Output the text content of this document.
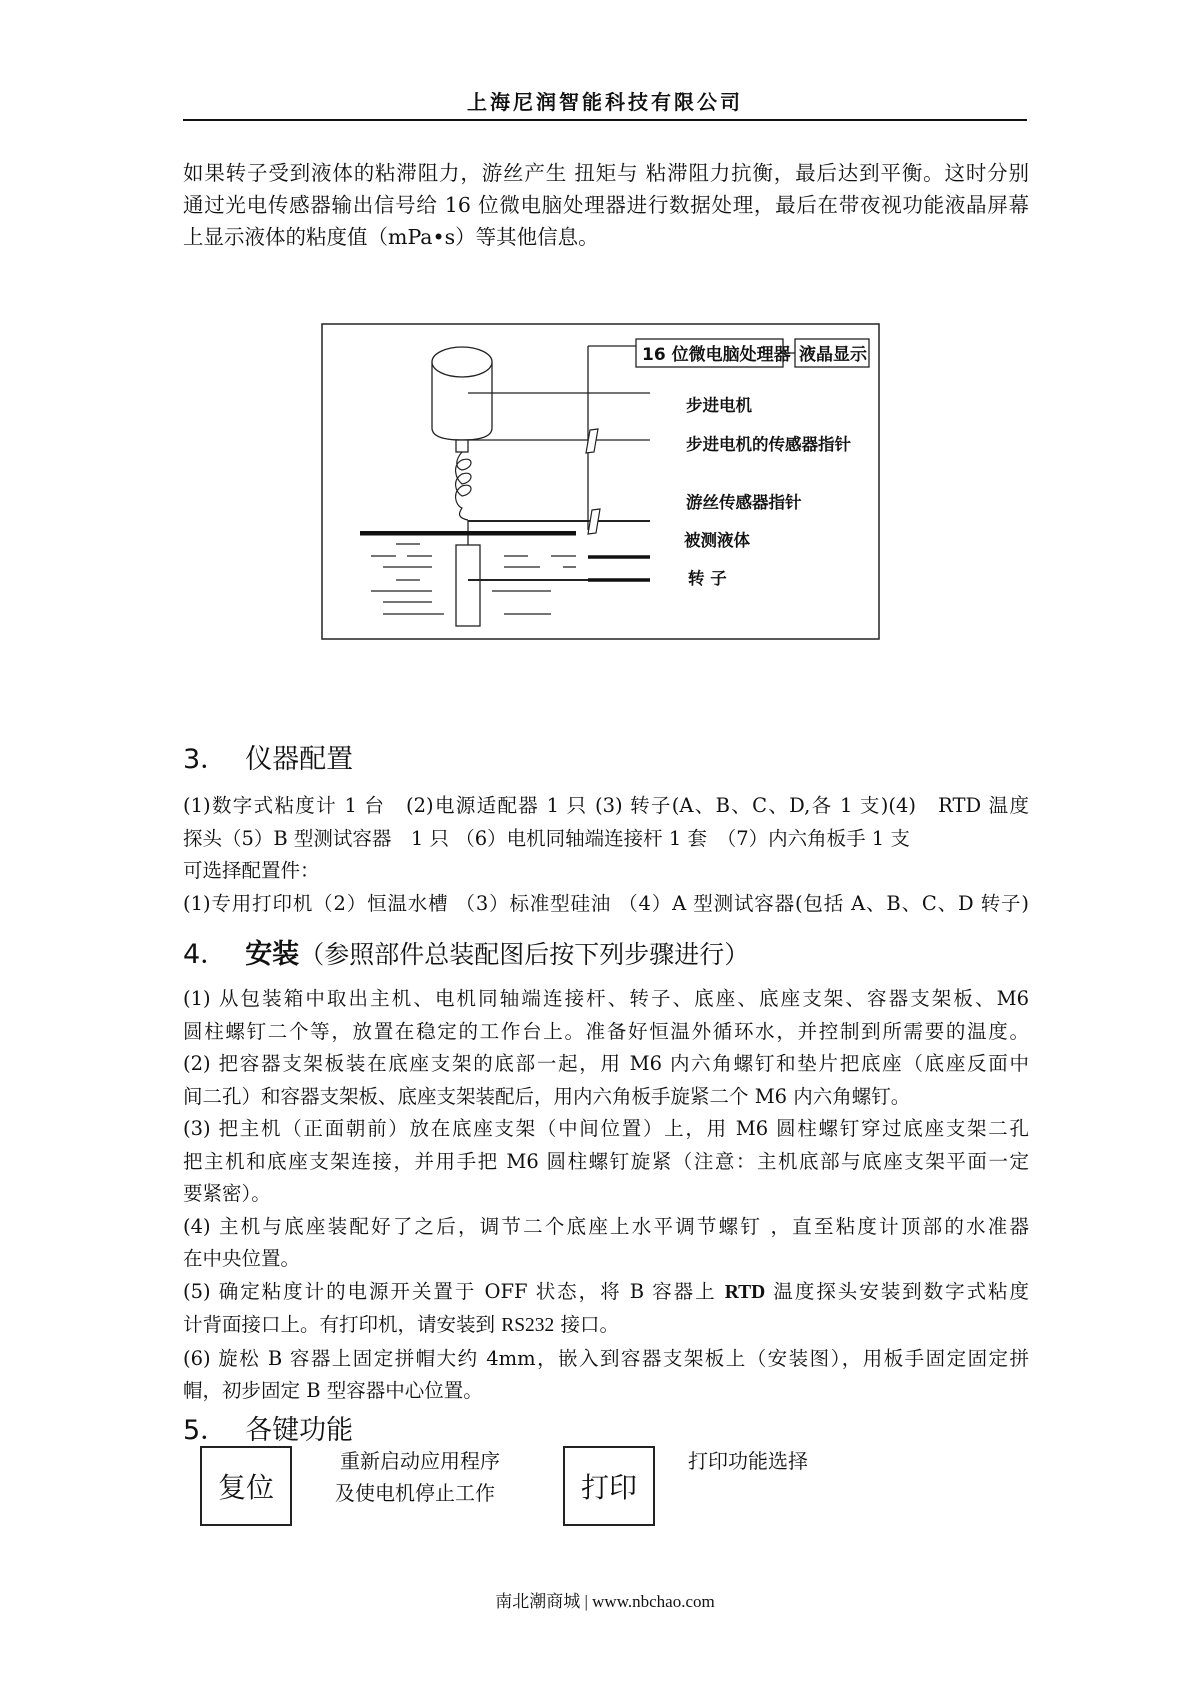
上海尼润智能科技有限公司
如果转子受到液体的粘滞阻力，游丝产生 扭矩与 粘滞阻力抗衡，最后达到平衡。这时分别
通过光电传感器输出信号给 16 位微电脑处理器进行数据处理，最后在带夜视功能液晶屏幕
上显示液体的粘度值（mPa•s）等其他信息。
16 位微电脑处理器 液晶显示
步进电机
步进电机的传感器指针
游丝传感器指针
被测液体
转 子
3． 仪器配置
(1)数字式粘度计 1 台　(2)电源适配器 1 只 (3) 转子(A、B、C、D,各 1 支)(4)　RTD 温度
探头（5）B 型测试容器　1 只 （6）电机同轴端连接杆 1 套　（7）内六角板手 1 支
可选择配置件：
(1)专用打印机（2）恒温水槽 （3）标准型硅油 （4）A 型测试容器(包括 A、B、C、D 转子)
4． 安装（参照部件总装配图后按下列步骤进行）
(1) 从包装箱中取出主机、电机同轴端连接杆、转子、底座、底座支架、容器支架板、M6
圆柱螺钉二个等，放置在稳定的工作台上。准备好恒温外循环水，并控制到所需要的温度。
(2) 把容器支架板装在底座支架的底部一起，用 M6 内六角螺钉和垫片把底座（底座反面中
间二孔）和容器支架板、底座支架装配后，用内六角板手旋紧二个 M6 内六角螺钉。
(3) 把主机（正面朝前）放在底座支架（中间位置）上，用 M6 圆柱螺钉穿过底座支架二孔
把主机和底座支架连接，并用手把 M6 圆柱螺钉旋紧（注意：主机底部与底座支架平面一定
要紧密）。
(4) 主机与底座装配好了之后，调节二个底座上水平调节螺钉 ，直至粘度计顶部的水准器
在中央位置。
(5) 确定粘度计的电源开关置于 OFF 状态，将 B 容器上 RTD 温度探头安装到数字式粘度
计背面接口上。有打印机，请安装到 RS232 接口。
(6) 旋松 B 容器上固定拼帽大约 4mm，嵌入到容器支架板上（安装图），用板手固定固定拼
帽，初步固定 B 型容器中心位置。
5． 各键功能
复位
重新启动应用程序
及使电机停止工作	打印
打印功能选择
南北潮商城 | www.nbchao.com
